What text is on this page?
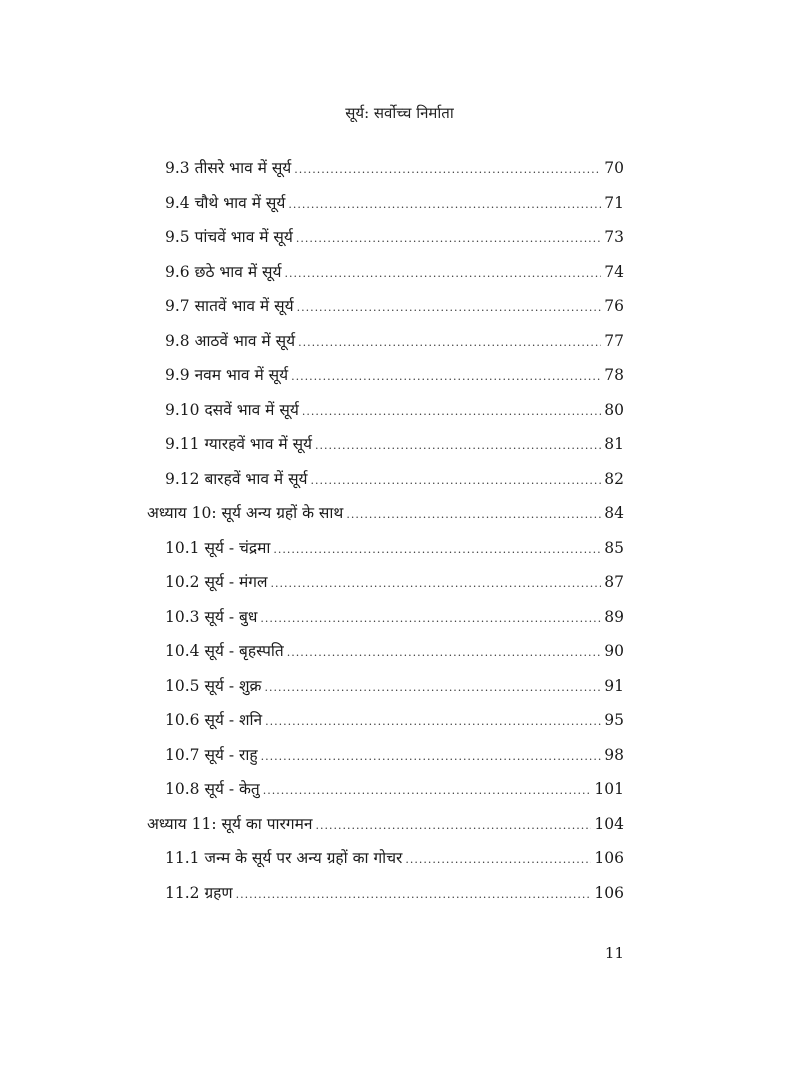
सूर्य: सर्वोच्च निर्माता
9.3 तीसरे भाव में सूर्य .....	70
9.4 चौथे भाव में सूर्य .....	71
9.5 पांचवें भाव में सूर्य .....	73
9.6 छठे भाव में सूर्य .....	74
9.7 सातवें भाव में सूर्य .....	76
9.8 आठवें भाव में सूर्य .....	77
9.9 नवम भाव में सूर्य .....	78
9.10 दसवें भाव में सूर्य .....	80
9.11 ग्यारहवें भाव में सूर्य .....	81
9.12 बारहवें भाव में सूर्य .....	82
अध्याय 10: सूर्य अन्य ग्रहों के साथ .....	84
10.1 सूर्य - चंद्रमा .....	85
10.2 सूर्य - मंगल .....	87
10.3 सूर्य - बुध .....	89
10.4 सूर्य - बृहस्पति .....	90
10.5 सूर्य - शुक्र .....	91
10.6 सूर्य - शनि .....	95
10.7 सूर्य - राहु .....	98
10.8 सूर्य - केतु .....	101
अध्याय 11: सूर्य का पारगमन .....	104
11.1 जन्म के सूर्य पर अन्य ग्रहों का गोचर .....	106
11.2 ग्रहण .....	106
11
